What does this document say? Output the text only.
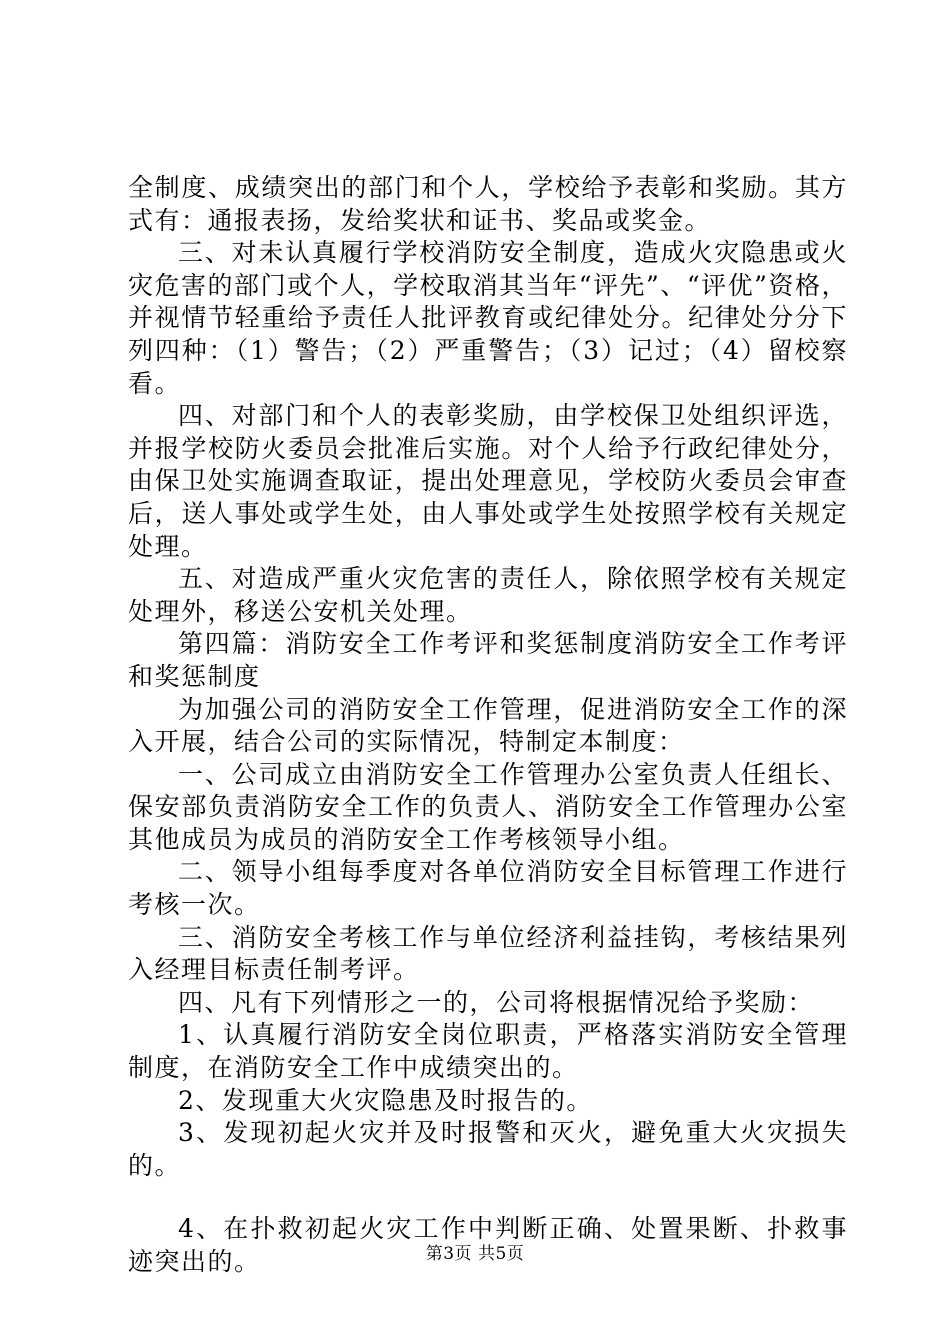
全制度、成绩突出的部门和个人，学校给予表彰和奖励。其方式有：通报表扬，发给奖状和证书、奖品或奖金。

三、对未认真履行学校消防安全制度，造成火灾隐患或火灾危害的部门或个人，学校取消其当年“评先”、“评优”资格，并视情节轻重给予责任人批评教育或纪律处分。纪律处分分下列四种：（1）警告；（2）严重警告；（3）记过；（4）留校察看。

四、对部门和个人的表彰奖励，由学校保卫处组织评选，并报学校防火委员会批准后实施。对个人给予行政纪律处分，由保卫处实施调查取证，提出处理意见，学校防火委员会审查后，送人事处或学生处，由人事处或学生处按照学校有关规定处理。

五、对造成严重火灾危害的责任人，除依照学校有关规定处理外，移送公安机关处理。

第四篇：消防安全工作考评和奖惩制度消防安全工作考评和奖惩制度

为加强公司的消防安全工作管理，促进消防安全工作的深入开展，结合公司的实际情况，特制定本制度：

一、公司成立由消防安全工作管理办公室负责人任组长、保安部负责消防安全工作的负责人、消防安全工作管理办公室其他成员为成员的消防安全工作考核领导小组。

二、领导小组每季度对各单位消防安全目标管理工作进行考核一次。

三、消防安全考核工作与单位经济利益挂钩，考核结果列入经理目标责任制考评。

四、凡有下列情形之一的，公司将根据情况给予奖励：

1、认真履行消防安全岗位职责，严格落实消防安全管理制度，在消防安全工作中成绩突出的。

2、发现重大火灾隐患及时报告的。

3、发现初起火灾并及时报警和灭火，避免重大火灾损失的。

4、在扑救初起火灾工作中判断正确、处置果断、扑救事迹突出的。	第3页 共5页
